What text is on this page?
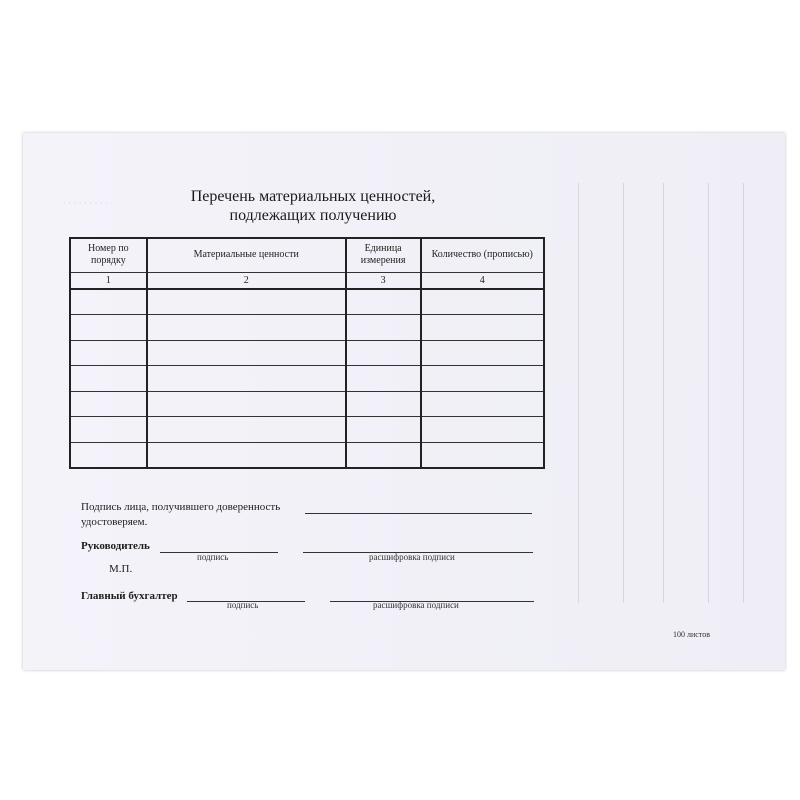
· · · · · · · · ·	Перечень материальных ценностей,
подлежащих получению
Номер по порядку	Материальные ценности	Единица измерения	Количество (прописью)
1	2	3	4

Подпись лица, получившего доверенность
удостоверяем.
Руководитель
подпись	расшифровка подписи
М.П.
Главный бухгалтер
подпись	расшифровка подписи
100 листов
